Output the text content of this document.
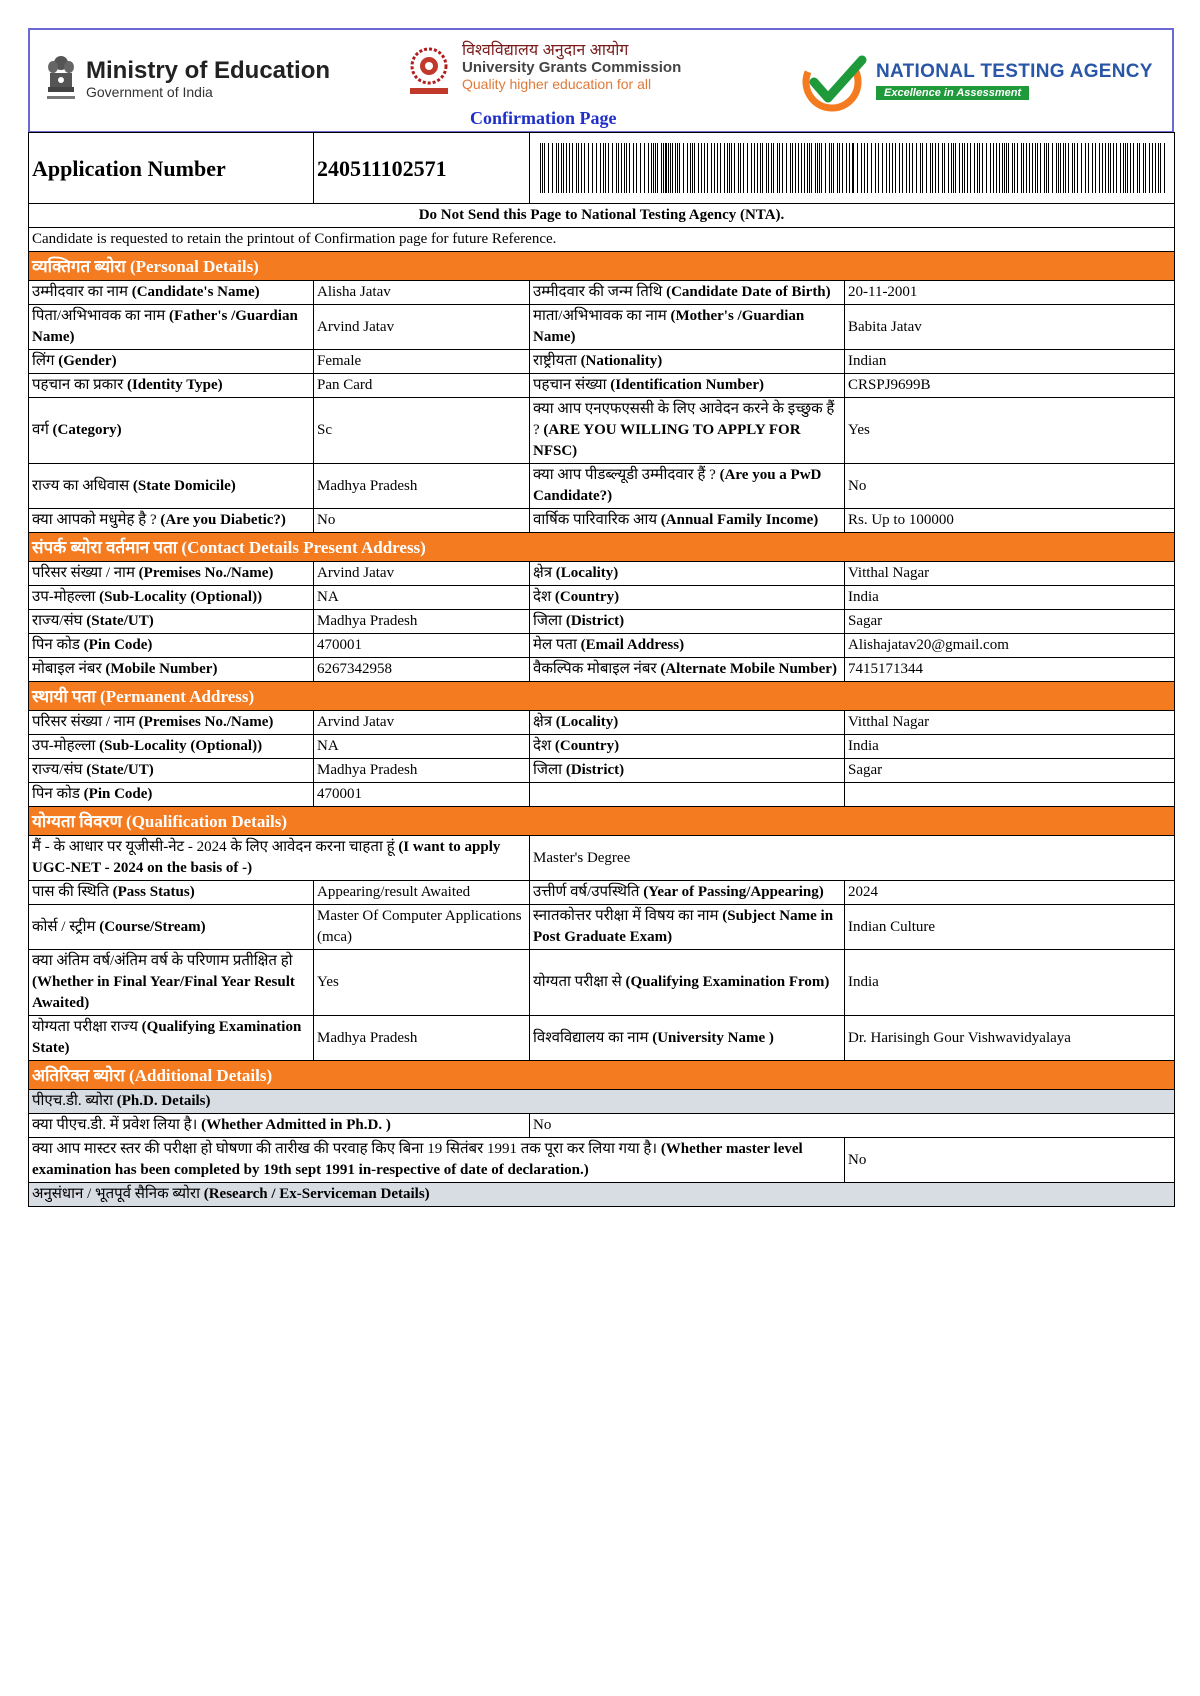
Ministry of Education
Government of India
विश्वविद्यालय अनुदान आयोग
University Grants Commission
Quality higher education for all
Confirmation Page
NATIONAL TESTING AGENCY
Excellence in Assessment
Application Number	240511102571	

Do Not Send this Page to National Testing Agency (NTA).			
Candidate is requested to retain the printout of Confirmation page for future Reference.			
व्यक्तिगत ब्योरा (Personal Details)			
उम्मीदवार का नाम (Candidate's Name)	Alisha Jatav	उम्मीदवार की जन्म तिथि (Candidate Date of Birth)	20-11-2001
पिता/अभिभावक का नाम (Father's /Guardian Name)	Arvind Jatav	माता/अभिभावक का नाम (Mother's /Guardian Name)	Babita Jatav
लिंग (Gender)	Female	राष्ट्रीयता (Nationality)	Indian
पहचान का प्रकार (Identity Type)	Pan Card	पहचान संख्या (Identification Number)	CRSPJ9699B
वर्ग (Category)	Sc	क्या आप एनएफएससी के लिए आवेदन करने के इच्छुक हैं ? (ARE YOU WILLING TO APPLY FOR NFSC)	Yes
राज्य का अधिवास (State Domicile)	Madhya Pradesh	क्या आप पीडब्ल्यूडी उम्मीदवार हैं ? (Are you a PwD Candidate?)	No
क्या आपको मधुमेह है ? (Are you Diabetic?)	No	वार्षिक पारिवारिक आय (Annual Family Income)	Rs. Up to 100000
संपर्क ब्योरा वर्तमान पता (Contact Details Present Address)			
परिसर संख्या / नाम (Premises No./Name)	Arvind Jatav	क्षेत्र (Locality)	Vitthal Nagar
उप-मोहल्ला (Sub-Locality (Optional))	NA	देश (Country)	India
राज्य/संघ (State/UT)	Madhya Pradesh	जिला (District)	Sagar
पिन कोड (Pin Code)	470001	मेल पता (Email Address)	Alishajatav20@gmail.com
मोबाइल नंबर (Mobile Number)	6267342958	वैकल्पिक मोबाइल नंबर (Alternate Mobile Number)	7415171344
स्थायी पता (Permanent Address)			
परिसर संख्या / नाम (Premises No./Name)	Arvind Jatav	क्षेत्र (Locality)	Vitthal Nagar
उप-मोहल्ला (Sub-Locality (Optional))	NA	देश (Country)	India
राज्य/संघ (State/UT)	Madhya Pradesh	जिला (District)	Sagar
पिन कोड (Pin Code)	470001		
योग्यता विवरण (Qualification Details)			
मैं - के आधार पर यूजीसी-नेट - 2024 के लिए आवेदन करना चाहता हूं (I want to apply UGC-NET - 2024 on the basis of -)		Master's Degree	
पास की स्थिति (Pass Status)	Appearing/result Awaited	उत्तीर्ण वर्ष/उपस्थिति (Year of Passing/Appearing)	2024
कोर्स / स्ट्रीम (Course/Stream)	Master Of Computer Applications (mca)	स्नातकोत्तर परीक्षा में विषय का नाम (Subject Name in Post Graduate Exam)	Indian Culture
क्या अंतिम वर्ष/अंतिम वर्ष के परिणाम प्रतीक्षित हो (Whether in Final Year/Final Year Result Awaited)	Yes	योग्यता परीक्षा से (Qualifying Examination From)	India
योग्यता परीक्षा राज्य (Qualifying Examination State)	Madhya Pradesh	विश्वविद्यालय का नाम (University Name )	Dr. Harisingh Gour Vishwavidyalaya
अतिरिक्त ब्योरा (Additional Details)			
पीएच.डी. ब्योरा (Ph.D. Details)			
क्या पीएच.डी. में प्रवेश लिया है। (Whether Admitted in Ph.D. )		No	
क्या आप मास्टर स्तर की परीक्षा हो घोषणा की तारीख की परवाह किए बिना 19 सितंबर 1991 तक पूरा कर लिया गया है। (Whether master level examination has been completed by 19th sept 1991 in-respective of date of declaration.)			No
अनुसंधान / भूतपूर्व सैनिक ब्योरा (Research / Ex-Serviceman Details)			
